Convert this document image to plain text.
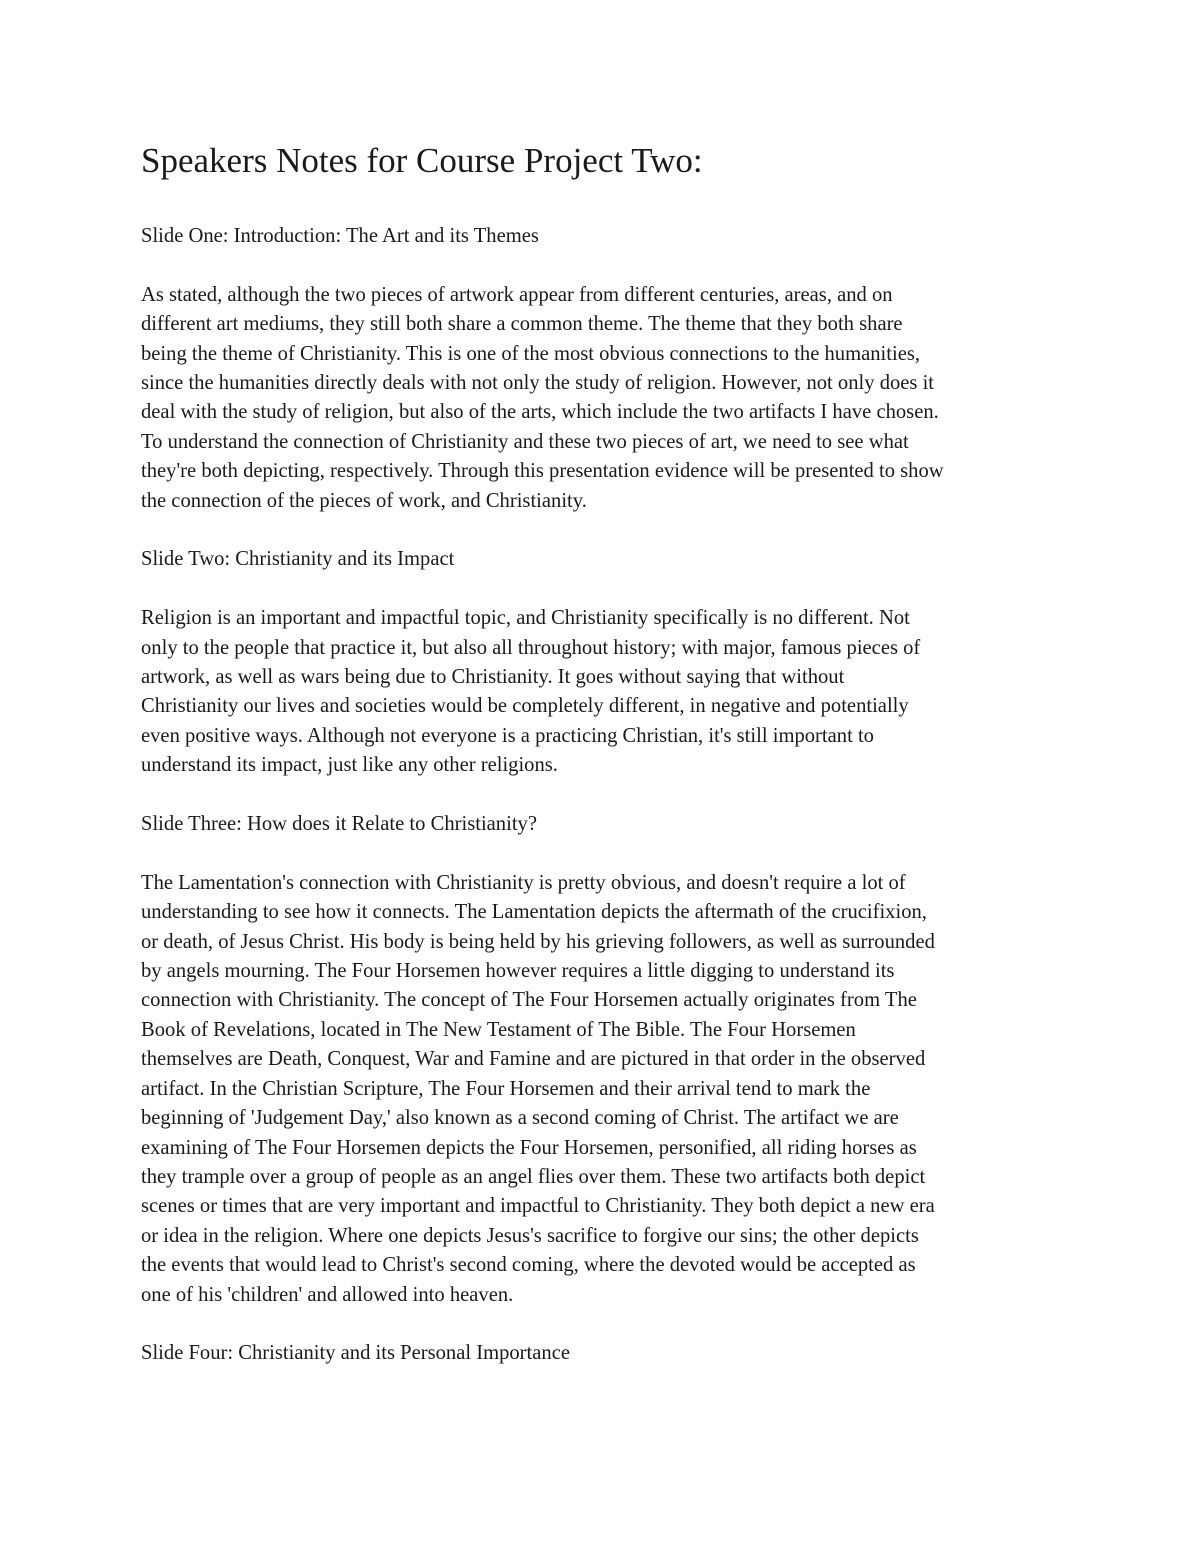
Speakers Notes for Course Project Two:

Slide One: Introduction: The Art and its Themes

As stated, although the two pieces of artwork appear from different centuries, areas, and on
different art mediums, they still both share a common theme. The theme that they both share
being the theme of Christianity. This is one of the most obvious connections to the humanities,
since the humanities directly deals with not only the study of religion. However, not only does it
deal with the study of religion, but also of the arts, which include the two artifacts I have chosen.
To understand the connection of Christianity and these two pieces of art, we need to see what
they're both depicting, respectively. Through this presentation evidence will be presented to show
the connection of the pieces of work, and Christianity.

Slide Two: Christianity and its Impact

Religion is an important and impactful topic, and Christianity specifically is no different. Not
only to the people that practice it, but also all throughout history; with major, famous pieces of
artwork, as well as wars being due to Christianity. It goes without saying that without
Christianity our lives and societies would be completely different, in negative and potentially
even positive ways. Although not everyone is a practicing Christian, it's still important to
understand its impact, just like any other religions.

Slide Three: How does it Relate to Christianity?

The Lamentation's connection with Christianity is pretty obvious, and doesn't require a lot of
understanding to see how it connects. The Lamentation depicts the aftermath of the crucifixion,
or death, of Jesus Christ. His body is being held by his grieving followers, as well as surrounded
by angels mourning. The Four Horsemen however requires a little digging to understand its
connection with Christianity. The concept of The Four Horsemen actually originates from The
Book of Revelations, located in The New Testament of The Bible. The Four Horsemen
themselves are Death, Conquest, War and Famine and are pictured in that order in the observed
artifact. In the Christian Scripture, The Four Horsemen and their arrival tend to mark the
beginning of 'Judgement Day,' also known as a second coming of Christ. The artifact we are
examining of The Four Horsemen depicts the Four Horsemen, personified, all riding horses as
they trample over a group of people as an angel flies over them. These two artifacts both depict
scenes or times that are very important and impactful to Christianity. They both depict a new era
or idea in the religion. Where one depicts Jesus's sacrifice to forgive our sins; the other depicts
the events that would lead to Christ's second coming, where the devoted would be accepted as
one of his 'children' and allowed into heaven.

Slide Four: Christianity and its Personal Importance
